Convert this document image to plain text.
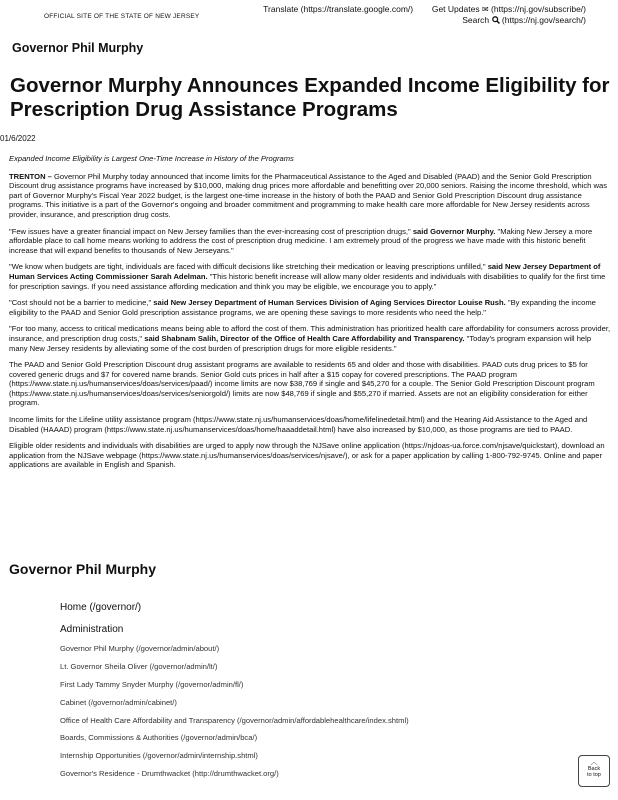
OFFICIAL SITE OF THE STATE OF NEW JERSEY
Translate (https://translate.google.com/) Get Updates ✉ (https://nj.gov/subscribe/)
Search (https://nj.gov/search/)
Governor Phil Murphy
Governor Murphy Announces Expanded Income Eligibility for Prescription Drug Assistance Programs
01/6/2022

Expanded Income Eligibility is Largest One-Time Increase in History of the Programs

TRENTON – Governor Phil Murphy today announced that income limits for the Pharmaceutical Assistance to the Aged and Disabled (PAAD) and the Senior Gold Prescription Discount drug assistance programs have increased by $10,000, making drug prices more affordable and benefitting over 20,000 seniors. Raising the income threshold, which was part of Governor Murphy's Fiscal Year 2022 budget, is the largest one-time increase in the history of both the PAAD and Senior Gold Prescription Discount drug assistance programs. This initiative is a part of the Governor's ongoing and broader commitment and programming to make health care more affordable for New Jersey residents across provider, insurance, and prescription drug costs.

"Few issues have a greater financial impact on New Jersey families than the ever-increasing cost of prescription drugs," said Governor Murphy. "Making New Jersey a more affordable place to call home means working to address the cost of prescription drug medicine. I am extremely proud of the progress we have made with this historic benefit increase that will expand benefits to thousands of New Jerseyans."

"We know when budgets are tight, individuals are faced with difficult decisions like stretching their medication or leaving prescriptions unfilled," said New Jersey Department of Human Services Acting Commissioner Sarah Adelman. "This historic benefit increase will allow many older residents and individuals with disabilities to qualify for the first time for prescription savings. If you need assistance affording medication and think you may be eligible, we encourage you to apply."

"Cost should not be a barrier to medicine," said New Jersey Department of Human Services Division of Aging Services Director Louise Rush. "By expanding the income eligibility to the PAAD and Senior Gold prescription assistance programs, we are opening these savings to more residents who need the help."

"For too many, access to critical medications means being able to afford the cost of them. This administration has prioritized health care affordability for consumers across provider, insurance, and prescription drug costs," said Shabnam Salih, Director of the Office of Health Care Affordability and Transparency. "Today's program expansion will help many New Jersey residents by alleviating some of the cost burden of prescription drugs for more eligible residents."

The PAAD and Senior Gold Prescription Discount drug assistant programs are available to residents 65 and older and those with disabilities. PAAD cuts drug prices to $5 for covered generic drugs and $7 for covered name brands. Senior Gold cuts prices in half after a $15 copay for covered prescriptions. The PAAD program (https://www.state.nj.us/humanservices/doas/services/paad/) income limits are now $38,769 if single and $45,270 for a couple. The Senior Gold Prescription Discount program (https://www.state.nj.us/humanservices/doas/services/seniorgold/) limits are now $48,769 if single and $55,270 if married. Assets are not an eligibility consideration for either program.

Income limits for the Lifeline utility assistance program (https://www.state.nj.us/humanservices/doas/home/lifelinedetail.html) and the Hearing Aid Assistance to the Aged and Disabled (HAAAD) program (https://www.state.nj.us/humanservices/doas/home/haaaddetail.html) have also increased by $10,000, as those programs are tied to PAAD.

Eligible older residents and individuals with disabilities are urged to apply now through the NJSave online application (https://njdoas-ua.force.com/njsave/quickstart), download an application from the NJSave webpage (https://www.state.nj.us/humanservices/doas/services/njsave/), or ask for a paper application by calling 1-800-792-9745. Online and paper applications are available in English and Spanish.

Governor Phil Murphy
Home (/governor/)
Administration
Governor Phil Murphy (/governor/admin/about/)
Lt. Governor Sheila Oliver (/governor/admin/lt/)
First Lady Tammy Snyder Murphy (/governor/admin/fl/)
Cabinet (/governor/admin/cabinet/)
Office of Health Care Affordability and Transparency (/governor/admin/affordablehealthcare/index.shtml)
Boards, Commissions & Authorities (/governor/admin/bca/)
Internship Opportunities (/governor/admin/internship.shtml)
Governor's Residence - Drumthwacket (http://drumthwacket.org/)
︿
Back
to top
